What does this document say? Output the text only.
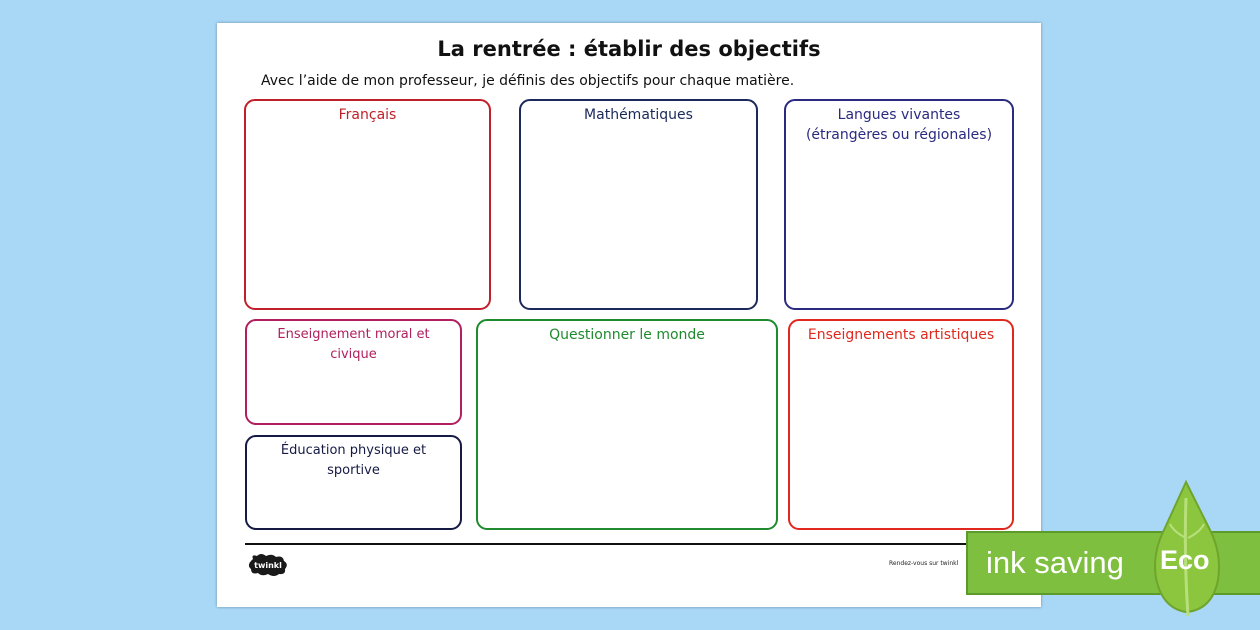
La rentrée : établir des objectifs
Avec l’aide de mon professeur, je définis des objectifs pour chaque matière.
Français	Mathématiques	Langues vivantes (étrangères ou régionales)
Enseignement moral et civique
Éducation physique et sportive
Questionner le monde	Enseignements artistiques
twinkl	Rendez-vous sur twinkl ink saving Eco
